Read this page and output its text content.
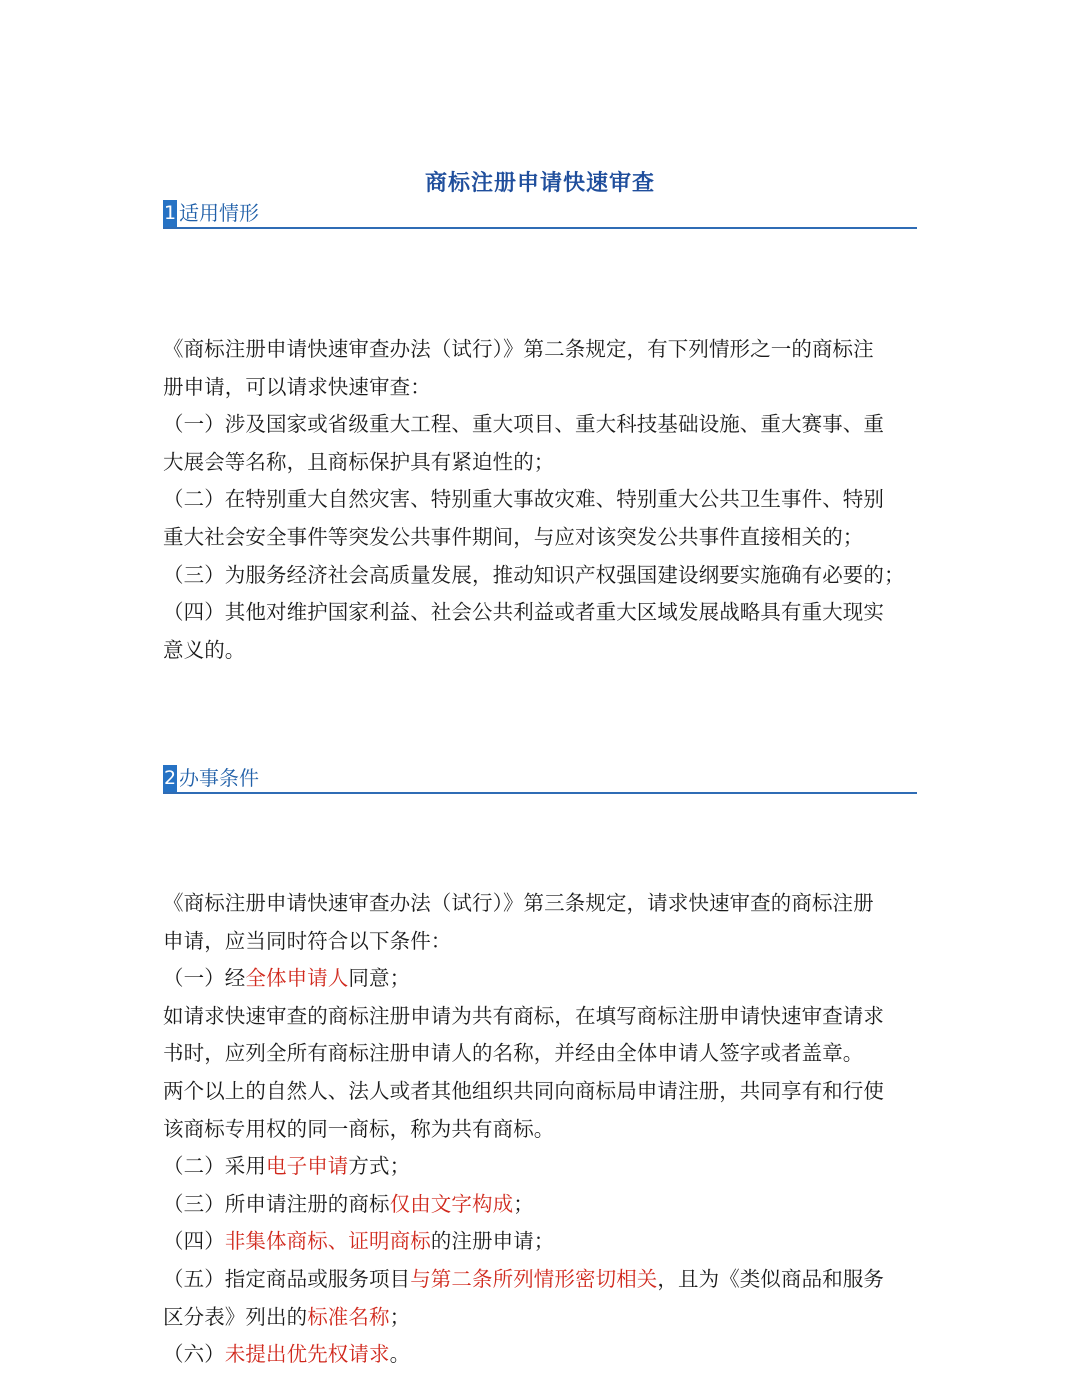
商标注册申请快速审查
1 适用情形
《商标注册申请快速审查办法（试行）》第二条规定，有下列情形之一的商标注
册申请，可以请求快速审查：
（一）涉及国家或省级重大工程、重大项目、重大科技基础设施、重大赛事、重
大展会等名称，且商标保护具有紧迫性的；
（二）在特别重大自然灾害、特别重大事故灾难、特别重大公共卫生事件、特别
重大社会安全事件等突发公共事件期间，与应对该突发公共事件直接相关的；
（三）为服务经济社会高质量发展，推动知识产权强国建设纲要实施确有必要的；
（四）其他对维护国家利益、社会公共利益或者重大区域发展战略具有重大现实
意义的。
2 办事条件
《商标注册申请快速审查办法（试行）》第三条规定，请求快速审查的商标注册
申请，应当同时符合以下条件：
（一）经全体申请人同意；
如请求快速审查的商标注册申请为共有商标，在填写商标注册申请快速审查请求
书时，应列全所有商标注册申请人的名称，并经由全体申请人签字或者盖章。
两个以上的自然人、法人或者其他组织共同向商标局申请注册，共同享有和行使
该商标专用权的同一商标，称为共有商标。
（二）采用电子申请方式；
（三）所申请注册的商标仅由文字构成；
（四）非集体商标、证明商标的注册申请；
（五）指定商品或服务项目与第二条所列情形密切相关，且为《类似商品和服务
区分表》列出的标准名称；
（六）未提出优先权请求。
